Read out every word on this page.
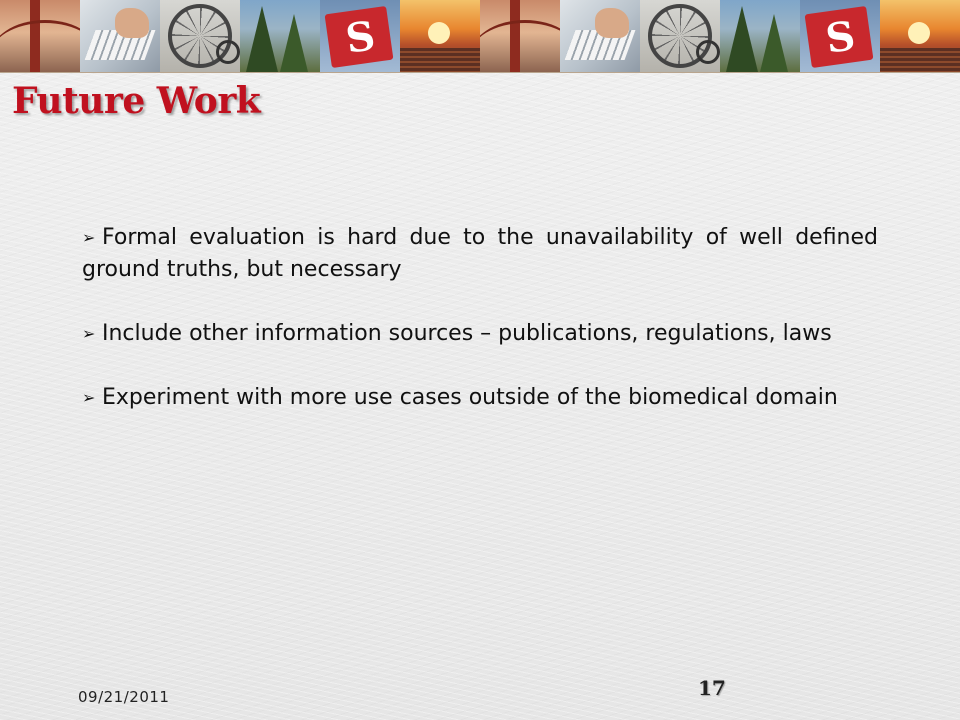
S
S
Future Work
➢ Formal evaluation is hard due to the unavailability of well defined ground truths, but necessary
➢ Include other information sources – publications, regulations, laws
➢ Experiment with more use cases outside of the biomedical domain
09/21/2011	17
